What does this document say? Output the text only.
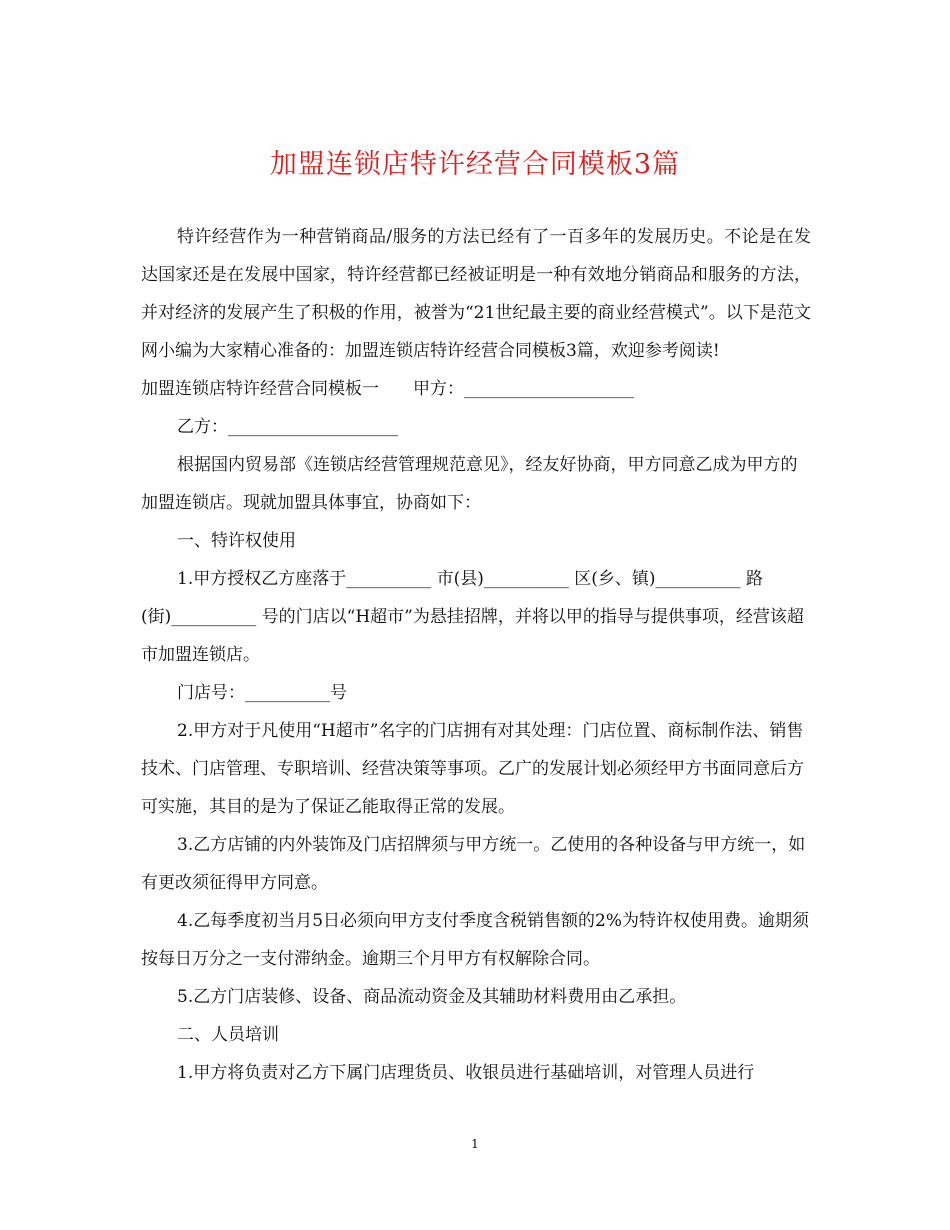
加盟连锁店特许经营合同模板3篇
特许经营作为一种营销商品/服务的方法已经有了一百多年的发展历史。不论是在发达国家还是在发展中国家，特许经营都已经被证明是一种有效地分销商品和服务的方法，并对经济的发展产生了积极的作用，被誉为“21世纪最主要的商业经营模式”。以下是范文网小编为大家精心准备的：加盟连锁店特许经营合同模板3篇，欢迎参考阅读!
加盟连锁店特许经营合同模板一　　甲方：____________________
乙方：____________________
根据国内贸易部《连锁店经营管理规范意见》，经友好协商，甲方同意乙成为甲方的加盟连锁店。现就加盟具体事宜，协商如下：
一、特许权使用
1.甲方授权乙方座落于__________ 市(县)__________ 区(乡、镇)__________ 路(街)__________ 号的门店以“H超市”为悬挂招牌，并将以甲的指导与提供事项，经营该超市加盟连锁店。
门店号：__________号
2.甲方对于凡使用“H超市”名字的门店拥有对其处理：门店位置、商标制作法、销售技术、门店管理、专职培训、经营决策等事项。乙广的发展计划必须经甲方书面同意后方可实施，其目的是为了保证乙能取得正常的发展。
3.乙方店铺的内外装饰及门店招牌须与甲方统一。乙使用的各种设备与甲方统一，如有更改须征得甲方同意。
4.乙每季度初当月5日必须向甲方支付季度含税销售额的2%为特许权使用费。逾期须按每日万分之一支付滞纳金。逾期三个月甲方有权解除合同。
5.乙方门店装修、设备、商品流动资金及其辅助材料费用由乙承担。
二、人员培训
1.甲方将负责对乙方下属门店理货员、收银员进行基础培训，对管理人员进行
1
